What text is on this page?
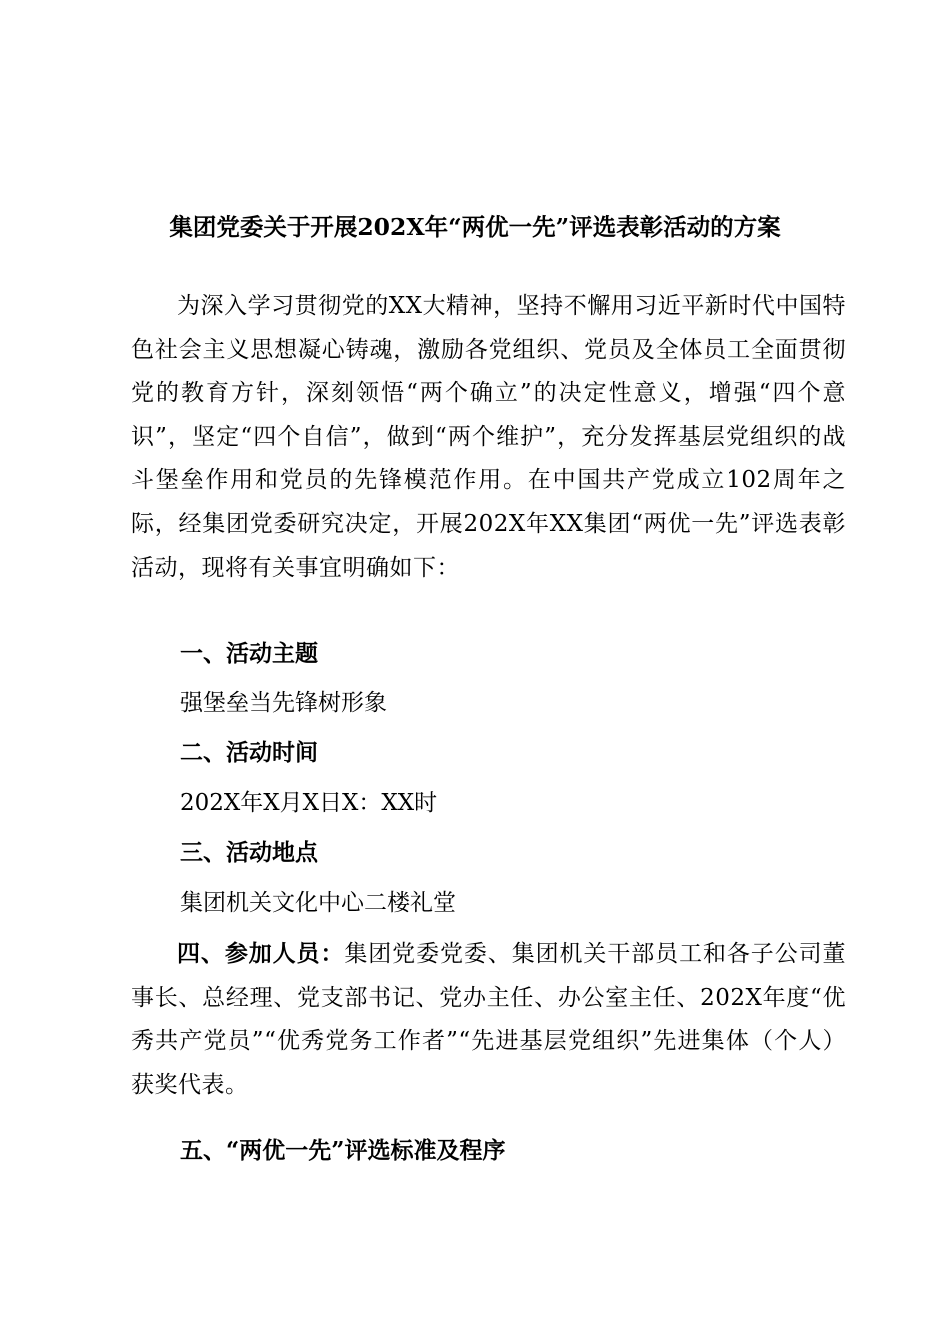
集团党委关于开展202X年“两优一先”评选表彰活动的方案

为深入学习贯彻党的XX大精神，坚持不懈用习近平新时代中国特色社会主义思想凝心铸魂，激励各党组织、党员及全体员工全面贯彻党的教育方针，深刻领悟“两个确立”的决定性意义，增强“四个意识”，坚定“四个自信”，做到“两个维护”，充分发挥基层党组织的战斗堡垒作用和党员的先锋模范作用。在中国共产党成立102周年之际，经集团党委研究决定，开展202X年XX集团“两优一先”评选表彰活动，现将有关事宜明确如下：

一、活动主题

强堡垒当先锋树形象

二、活动时间

202X年X月X日X：XX时

三、活动地点

集团机关文化中心二楼礼堂

四、参加人员：集团党委党委、集团机关干部员工和各子公司董事长、总经理、党支部书记、党办主任、办公室主任、202X年度“优秀共产党员”“优秀党务工作者”“先进基层党组织”先进集体（个人）获奖代表。

五、“两优一先”评选标准及程序
